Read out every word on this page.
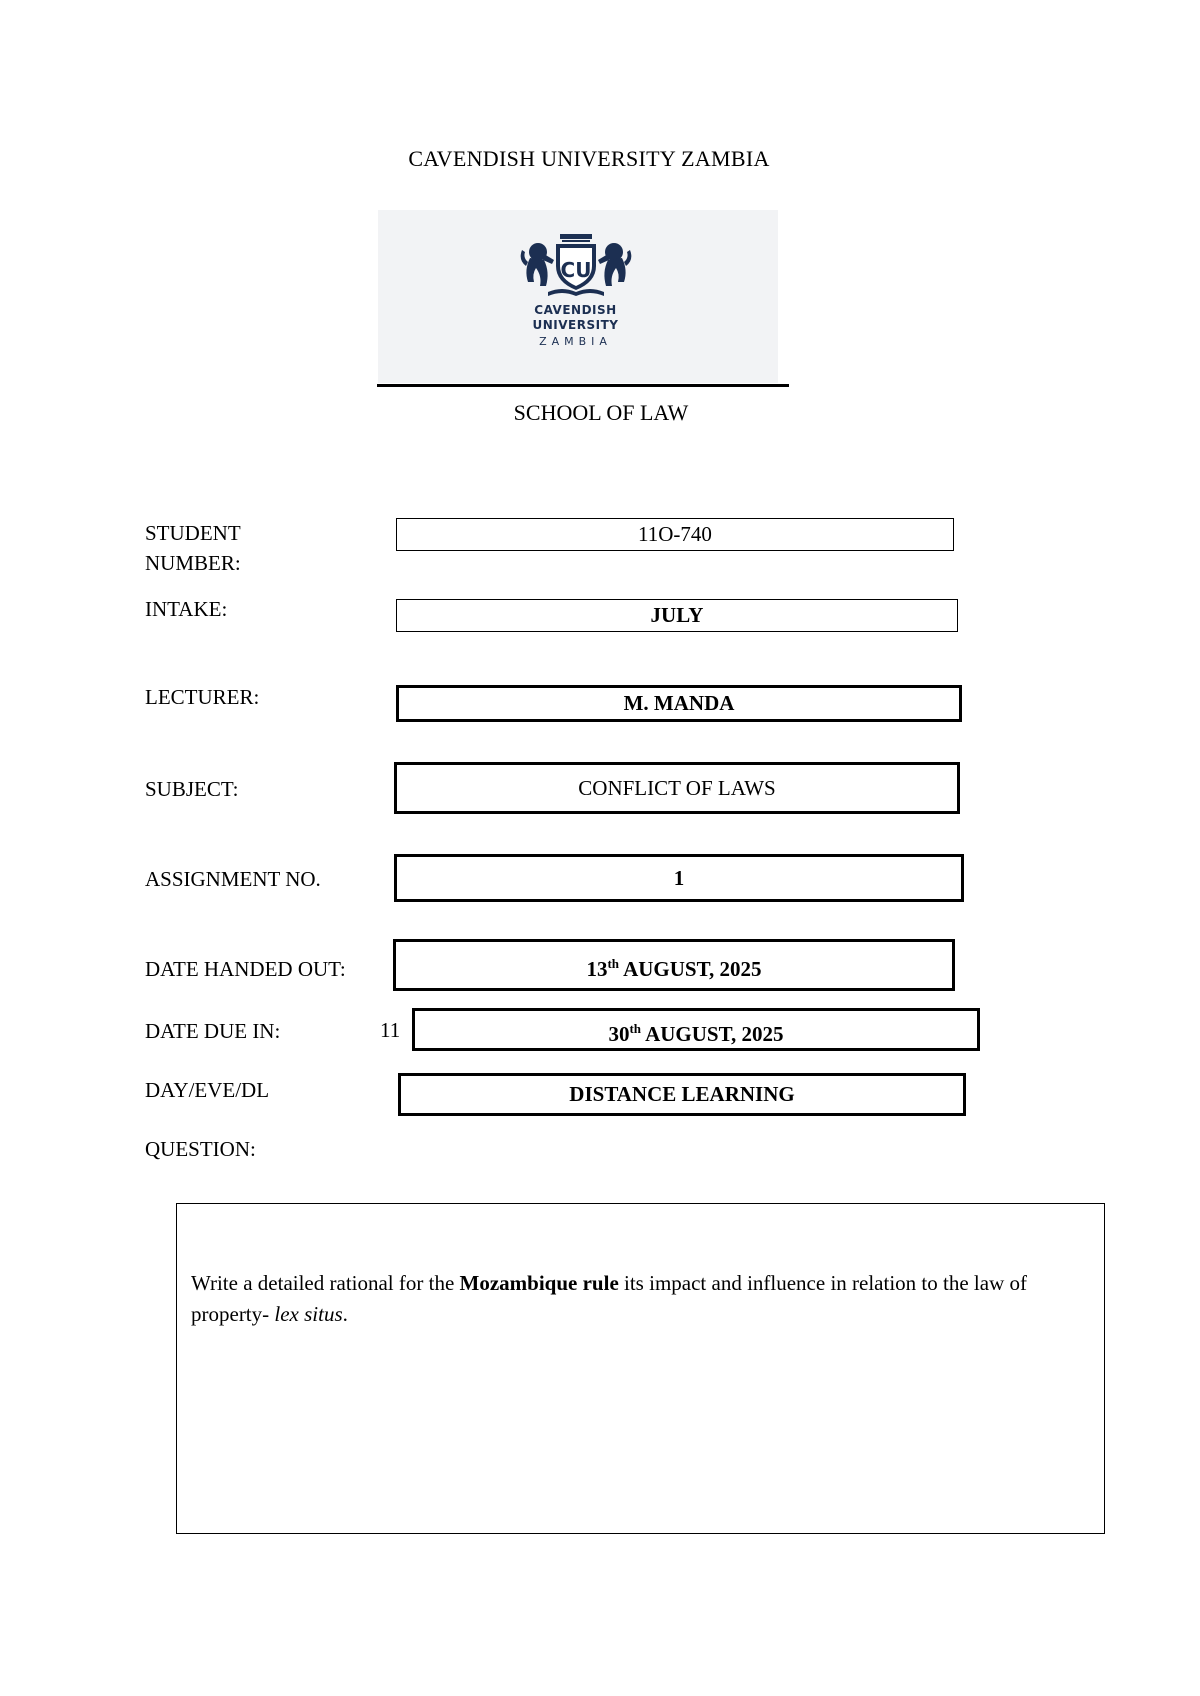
CAVENDISH UNIVERSITY ZAMBIA
CU
CAVENDISH
UNIVERSITY
ZAMBIA
SCHOOL OF LAW
STUDENT
NUMBER:
11O-740
INTAKE:	JULY
LECTURER:	M. MANDA
SUBJECT:	CONFLICT OF LAWS
ASSIGNMENT NO.	1
DATE HANDED OUT:	13th AUGUST, 2025
DATE DUE IN:	11	30th AUGUST, 2025
DAY/EVE/DL	DISTANCE LEARNING
QUESTION:
Write a detailed rational for the Mozambique rule its impact and influence in relation to the law of property- lex situs.
